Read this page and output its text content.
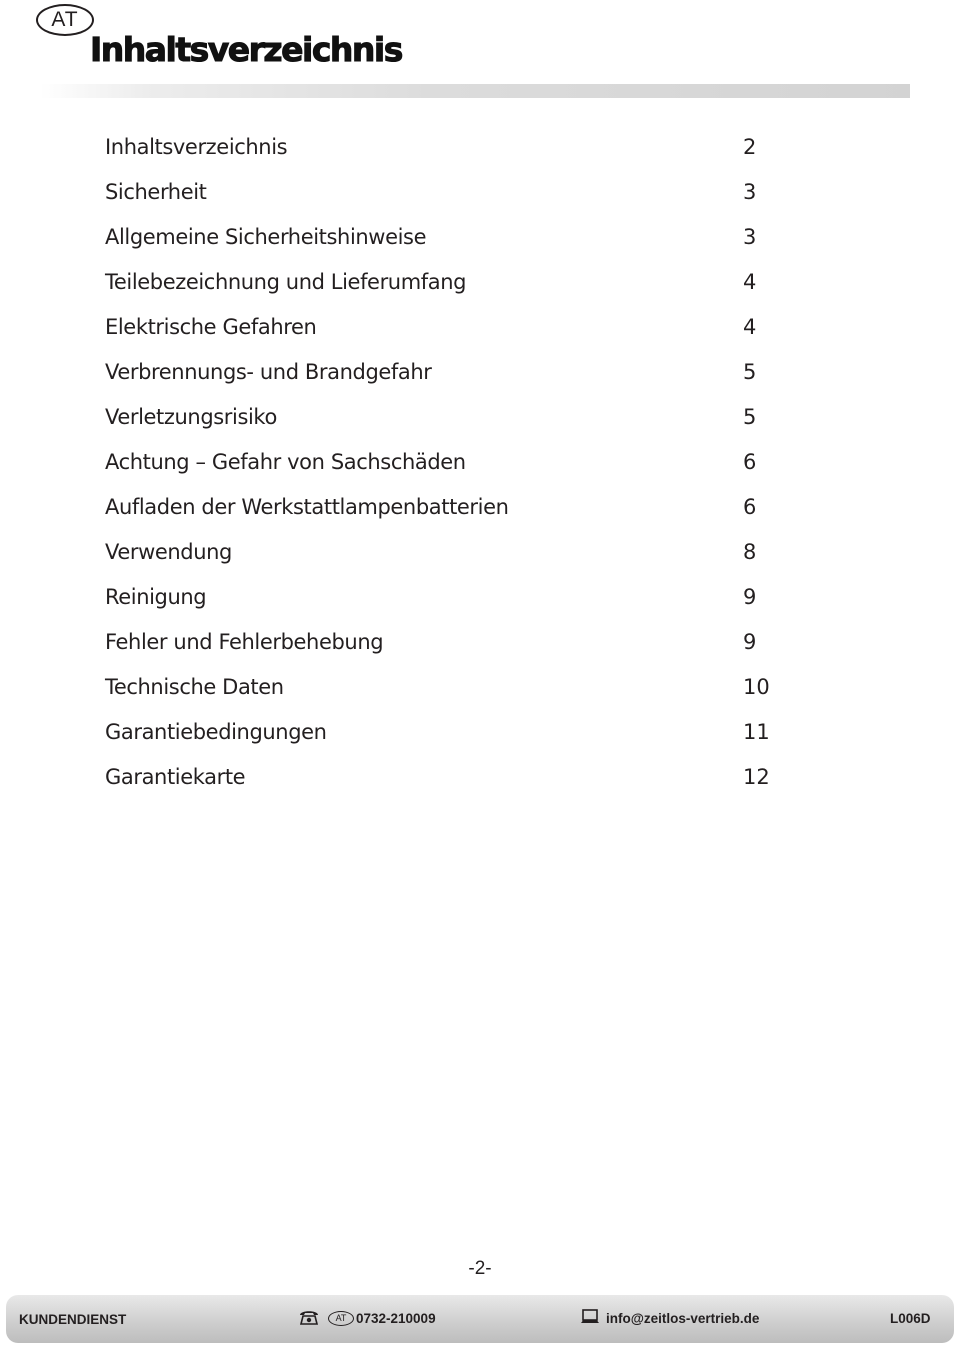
AT
Inhaltsverzeichnis
Inhaltsverzeichnis	2
Sicherheit	3
Allgemeine Sicherheitshinweise	3
Teilebezeichnung und Lieferumfang	4
Elektrische Gefahren	4
Verbrennungs- und Brandgefahr	5
Verletzungsrisiko	5
Achtung – Gefahr von Sachschäden	6
Aufladen der Werkstattlampenbatterien	6
Verwendung	8
Reinigung	9
Fehler und Fehlerbehebung	9
Technische Daten	10
Garantiebedingungen	11
Garantiekarte	12
-2-
KUNDENDIENST	AT 0732-210009	info@zeitlos-vertrieb.de	L006D
